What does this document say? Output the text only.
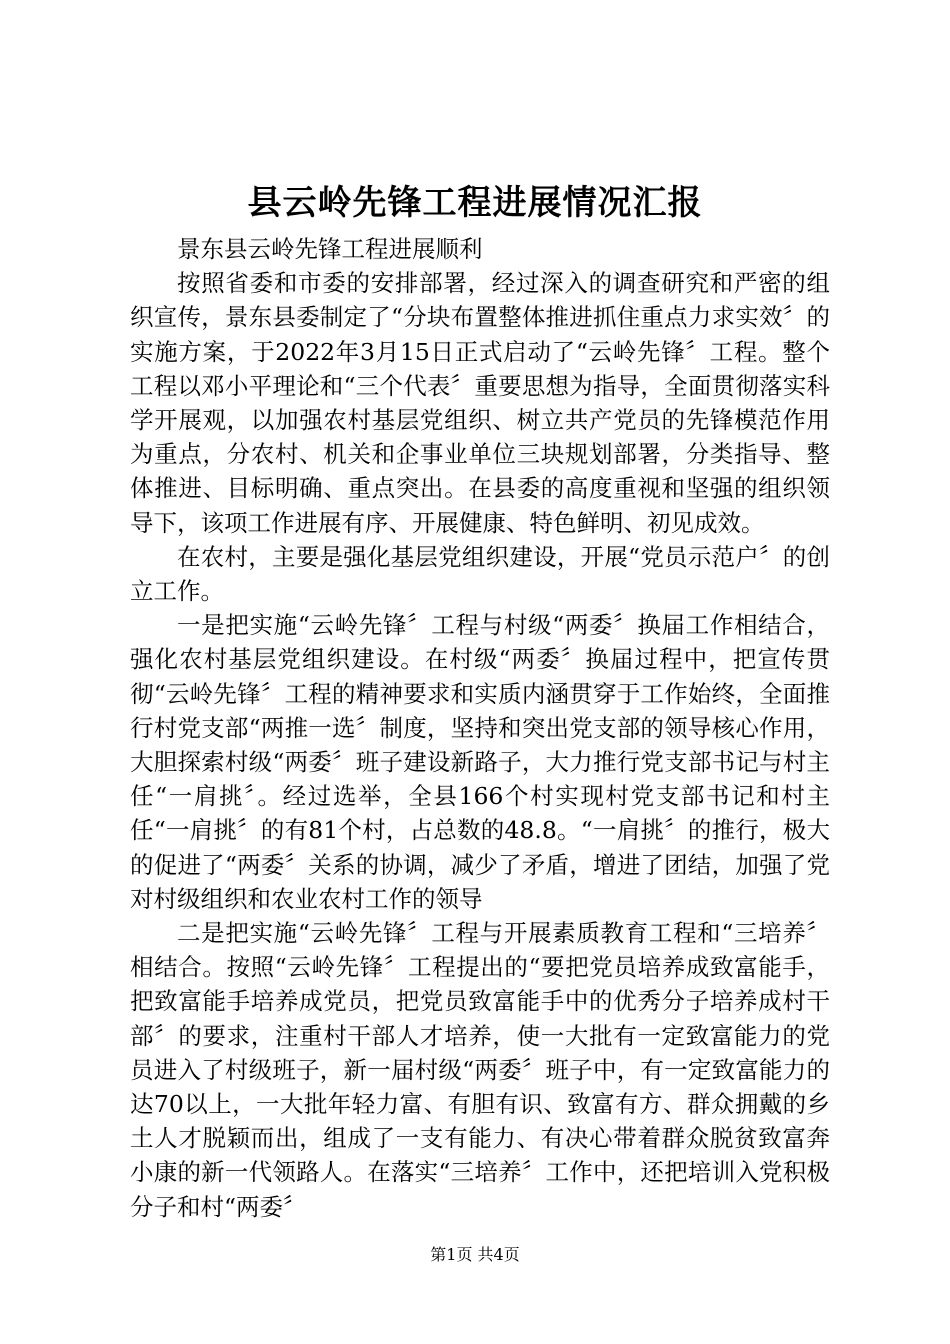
县云岭先锋工程进展情况汇报

景东县云岭先锋工程进展顺利

按照省委和市委的安排部署，经过深入的调查研究和严密的组织宣传，景东县委制定了“分块布置整体推进抓住重点力求实效〞的实施方案，于2022年3月15日正式启动了“云岭先锋〞工程。整个工程以邓小平理论和“三个代表〞重要思想为指导，全面贯彻落实科学开展观，以加强农村基层党组织、树立共产党员的先锋模范作用为重点，分农村、机关和企事业单位三块规划部署，分类指导、整体推进、目标明确、重点突出。在县委的高度重视和坚强的组织领导下，该项工作进展有序、开展健康、特色鲜明、初见成效。

在农村，主要是强化基层党组织建设，开展“党员示范户〞的创立工作。

一是把实施“云岭先锋〞工程与村级“两委〞换届工作相结合，强化农村基层党组织建设。在村级“两委〞换届过程中，把宣传贯彻“云岭先锋〞工程的精神要求和实质内涵贯穿于工作始终，全面推行村党支部“两推一选〞制度，坚持和突出党支部的领导核心作用，大胆探索村级“两委〞班子建设新路子，大力推行党支部书记与村主任“一肩挑〞。经过选举，全县166个村实现村党支部书记和村主任“一肩挑〞的有81个村，占总数的48.8。“一肩挑〞的推行，极大的促进了“两委〞关系的协调，减少了矛盾，增进了团结，加强了党对村级组织和农业农村工作的领导

二是把实施“云岭先锋〞工程与开展素质教育工程和“三培养〞相结合。按照“云岭先锋〞工程提出的“要把党员培养成致富能手，把致富能手培养成党员，把党员致富能手中的优秀分子培养成村干部〞的要求，注重村干部人才培养，使一大批有一定致富能力的党员进入了村级班子，新一届村级“两委〞班子中，有一定致富能力的达70以上，一大批年轻力富、有胆有识、致富有方、群众拥戴的乡土人才脱颖而出，组成了一支有能力、有决心带着群众脱贫致富奔小康的新一代领路人。在落实“三培养〞工作中，还把培训入党积极分子和村“两委〞

第1页 共4页
